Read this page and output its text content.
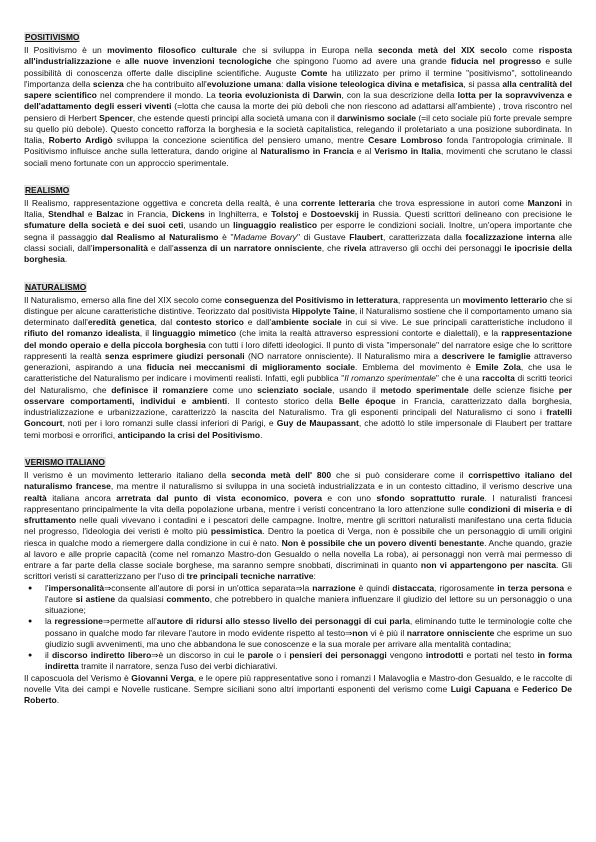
POSITIVISMO

Il Positivismo è un movimento filosofico culturale che si sviluppa in Europa nella seconda metà del XIX secolo come risposta all'industrializzazione e alle nuove invenzioni tecnologiche che spingono l'uomo ad avere una grande fiducia nel progresso e sulle possibilità di conoscenza offerte dalle discipline scientifiche. Auguste Comte ha utilizzato per primo il termine "positivismo", sottolineando l'importanza della scienza che ha contribuito all'evoluzione umana: dalla visione teleologica divina e metafisica, si passa alla centralità del sapere scientifico nel comprendere il mondo. La teoria evoluzionista di Darwin, con la sua descrizione della lotta per la sopravvivenza e dell'adattamento degli esseri viventi (=lotta che causa la morte dei più deboli che non riescono ad adattarsi all'ambiente) , trova riscontro nel pensiero di Herbert Spencer, che estende questi principi alla società umana con il darwinismo sociale (=il ceto sociale più forte prevale sempre su quello più debole). Questo concetto rafforza la borghesia e la società capitalistica, relegando il proletariato a una posizione subordinata. In Italia, Roberto Ardigò sviluppa la concezione scientifica del pensiero umano, mentre Cesare Lombroso fonda l'antropologia criminale. Il Positivismo influisce anche sulla letteratura, dando origine al Naturalismo in Francia e al Verismo in Italia, movimenti che scrutano le classi sociali meno fortunate con un approccio sperimentale.

REALISMO

Il Realismo, rappresentazione oggettiva e concreta della realtà, è una corrente letteraria che trova espressione in autori come Manzoni in Italia, Stendhal e Balzac in Francia, Dickens in Inghilterra, e Tolstoj e Dostoevskij in Russia. Questi scrittori delineano con precisione le sfumature della società e dei suoi ceti, usando un linguaggio realistico per esporre le condizioni sociali. Inoltre, un'opera importante che segna il passaggio dal Realismo al Naturalismo è "Madame Bovary" di Gustave Flaubert, caratterizzata dalla focalizzazione interna alle classi sociali, dall'impersonalità e dall'assenza di un narratore onnisciente, che rivela attraverso gli occhi dei personaggi le ipocrisie della borghesia.

NATURALISMO

Il Naturalismo, emerso alla fine del XIX secolo come conseguenza del Positivismo in letteratura, rappresenta un movimento letterario che si distingue per alcune caratteristiche distintive. Teorizzato dal positivista Hippolyte Taine, il Naturalismo sostiene che il comportamento umano sia determinato dall'eredità genetica, dal contesto storico e dall'ambiente sociale in cui si vive. Le sue principali caratteristiche includono il rifiuto del romanzo idealista, il linguaggio mimetico (che imita la realtà attraverso espressioni contorte e dialettali), e la rappresentazione del mondo operaio e della piccola borghesia con tutti i loro difetti ideologici. Il punto di vista "impersonale" del narratore esige che lo scrittore rappresenti la realtà senza esprimere giudizi personali (NO narratore onnisciente). Il Naturalismo mira a descrivere le famiglie attraverso generazioni, aspirando a una fiducia nei meccanismi di miglioramento sociale. Emblema del movimento è Emile Zola, che usa le caratteristiche del Naturalismo per indicare i movimenti realisti. Infatti, egli pubblica "Il romanzo sperimentale" che è una raccolta di scritti teorici del Naturalismo, che definisce il romanziere come uno scienziato sociale, usando il metodo sperimentale delle scienze fisiche per osservare comportamenti, individui e ambienti. Il contesto storico della Belle époque in Francia, caratterizzato dalla borghesia, industrializzazione e urbanizzazione, caratterizzò la nascita del Naturalismo. Tra gli esponenti principali del Naturalismo ci sono i fratelli Goncourt, noti per i loro romanzi sulle classi inferiori di Parigi, e Guy de Maupassant, che adottò lo stile impersonale di Flaubert per trattare temi morbosi e orrorifici, anticipando la crisi del Positivismo.

VERISMO ITALIANO

Il verismo è un movimento letterario italiano della seconda metà dell' 800 che si può considerare come il corrispettivo italiano del naturalismo francese, ma mentre il naturalismo si sviluppa in una società industrializzata e in un contesto cittadino, il verismo descrive una realtà italiana ancora arretrata dal punto di vista economico, povera e con uno sfondo soprattutto rurale. I naturalisti francesi rappresentano principalmente la vita della popolazione urbana, mentre i veristi concentrano la loro attenzione sulle condizioni di miseria e di sfruttamento nelle quali vivevano i contadini e i pescatori delle campagne. Inoltre, mentre gli scrittori naturalisti manifestano una certa fiducia nel progresso, l'ideologia dei veristi è molto più pessimistica. Dentro la poetica di Verga, non è possibile che un personaggio di umili origini riesca in qualche modo a riemergere dalla condizione in cui è nato. Non è possibile che un povero diventi benestante. Anche quando, grazie al lavoro e alle proprie capacità (come nel romanzo Mastro-don Gesualdo o nella novella La roba), ai personaggi non verrà mai permesso di entrare a far parte della classe sociale borghese, ma saranno sempre snobbati, discriminati in quanto non vi appartengono per nascita. Gli scrittori veristi si caratterizzano per l'uso di tre principali tecniche narrative:

● l'impersonalità⇒consente all'autore di porsi in un'ottica separata⇒la narrazione è quindi distaccata, rigorosamente in terza persona e l'autore si astiene da qualsiasi commento, che potrebbero in qualche maniera influenzare il giudizio del lettore su un personaggio o una situazione;
● la regressione⇒permette all'autore di ridursi allo stesso livello dei personaggi di cui parla, eliminando tutte le terminologie colte che possano in qualche modo far rilevare l'autore in modo evidente rispetto al testo⇒non vi è più il narratore onnisciente che esprime un suo giudizio sugli avvenimenti, ma uno che abbandona le sue conoscenze e la sua morale per arrivare alla mentalità contadina;
● il discorso indiretto libero⇒è un discorso in cui le parole o i pensieri dei personaggi vengono introdotti e portati nel testo in forma indiretta tramite il narratore, senza l'uso dei verbi dichiarativi.

Il caposcuola del Verismo è Giovanni Verga, e le opere più rappresentative sono i romanzi I Malavoglia e Mastro-don Gesualdo, e le raccolte di novelle Vita dei campi e Novelle rusticane. Sempre siciliani sono altri importanti esponenti del verismo come Luigi Capuana e Federico De Roberto.
